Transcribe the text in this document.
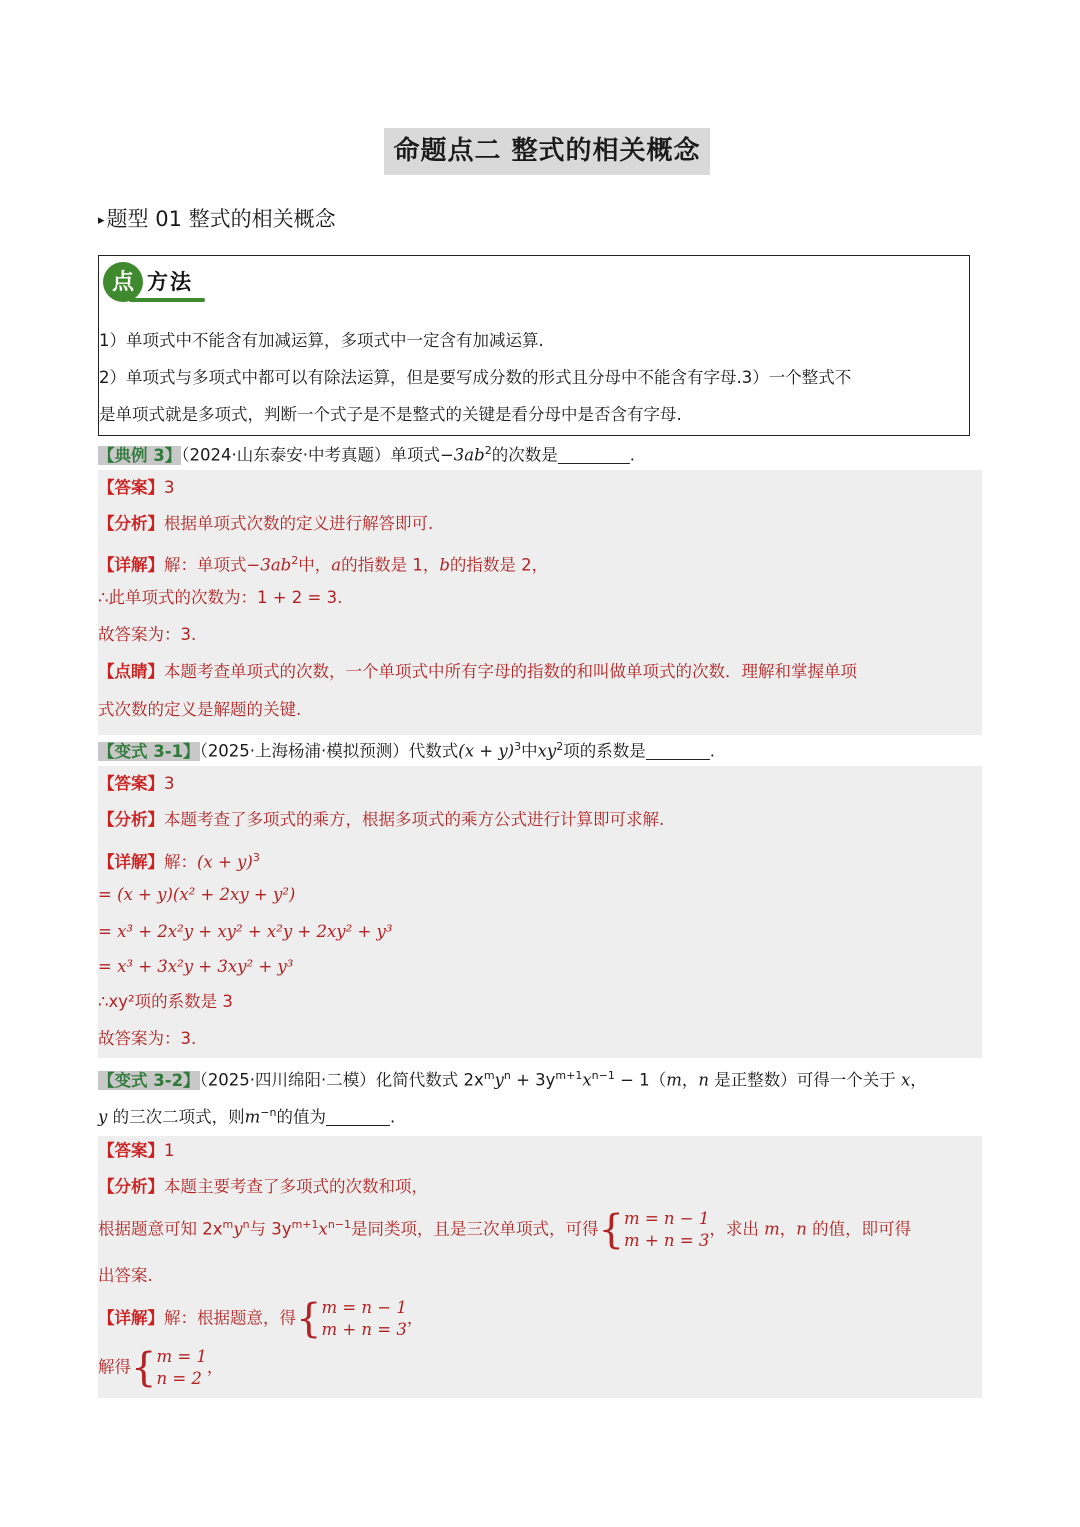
命题点二 整式的相关概念
▸题型 01 整式的相关概念
点 方法

1）单项式中不能含有加减运算，多项式中一定含有加减运算.

2）单项式与多项式中都可以有除法运算，但是要写成分数的形式且分母中不能含有字母.3）一个整式不

是单项式就是多项式，判断一个式子是不是整式的关键是看分母中是否含有字母.

【典例 3】（2024·山东泰安·中考真题）单项式$-3ab^2$的次数是	.
【答案】3
【分析】根据单项式次数的定义进行解答即可.
【详解】解：单项式$-3ab^2$中，a的指数是 1，b的指数是 2，
∴此单项式的次数为：1 + 2 = 3.
故答案为：3.
【点睛】本题考查单项式的次数，一个单项式中所有字母的指数的和叫做单项式的次数．理解和掌握单项
式次数的定义是解题的关键.
【变式 3-1】（2025·上海杨浦·模拟预测）代数式$(x + y)^3$中$xy^2$项的系数是	.
【答案】3
【分析】本题考查了多项式的乘方，根据多项式的乘方公式进行计算即可求解.
【详解】解：$(x + y)^3$
= (x + y)(x² + 2xy + y²)
= x³ + 2x²y + xy² + x²y + 2xy² + y³
= x³ + 3x²y + 3xy² + y³
∴xy²项的系数是 3
故答案为：3.
【变式 3-2】（2025·四川绵阳·二模）化简代数式 $2x^my^n + 3y^{m+1}x^{n-1} - 1(m$，n 是正整数）可得一个关于 x，
y 的三次二项式，则$m^{-n}$的值为	.
【答案】1
【分析】本题主要考查了多项式的次数和项，
根据题意可知 $2x^my^n$与 $3y^{m+1}x^{n-1}$是同类项，且是三次单项式，可得{m = n − 1
m + n = 3，求出 m，n 的值，即可得
出答案.
【详解】解：根据题意，得{m = n − 1
m + n = 3，
解得{m = 1
n = 2，
